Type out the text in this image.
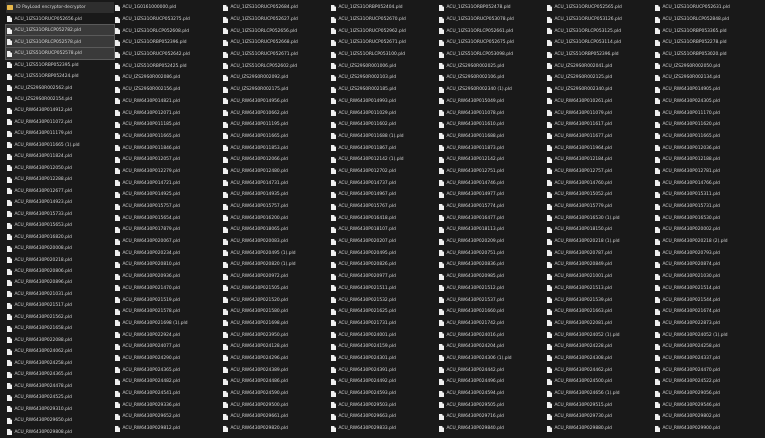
ID PayLoad encryptor-decryptor
ACU_1IZS31ORUCP052656.pld
ACU_1IZS31ORLCP052782.pld
ACU_1IZS31ORLCP052578.pld
ACU_1IZS51ORUCP052578.pld
ACU_1IZS51ORBP052395.pld
ACU_1IZS51ORBP052424.pld
ACU_IZS29S0R002562.pld
ACU_IZS29S0R002154.pld
ACU_RW6430P014912.pld
ACU_RW6430P011072.pld
ACU_RW6430P011179.pld
ACU_RW6430P011665 (1).pld
ACU_RW6430P011824.pld
ACU_RW6430P012050.pld
ACU_RW6430P012288.pld
ACU_RW6430P012677.pld
ACU_RW6430P014923.pld
ACU_RW6430P015733.pld
ACU_RW6430P015653.pld
ACU_RW6430P016820.pld
ACU_RW6430P020008.pld
ACU_RW6430P020218.pld
ACU_RW6430P020806.pld
ACU_RW6430P020896.pld
ACU_RW6430P021031.pld
ACU_RW6430P021517.pld
ACU_RW6430P021562.pld
ACU_RW6430P021658.pld
ACU_RW6430P022088.pld
ACU_RW6430P024062.pld
ACU_RW6430P024258.pld
ACU_RW6430P024365.pld
ACU_RW6430P024478.pld
ACU_RW6430P024525.pld
ACU_RW6430P029310.pld
ACU_RW6430P029650.pld
ACU_RW6430P029808.pld
ACU_1G0161000000.pld
ACU_1IZS31ORUCP053275.pld
ACU_1IZS31ORLCP052608.pld
ACU_1IZS31ORBP052396.pld
ACU_1IZS31ORUCP052642.pld
ACU_1IZS51ORBP052425.pld
ACU_IZS29S0R002086.pld
ACU_IZS29S0R002156.pld
ACU_RW6430P014821.pld
ACU_RW6430P012071.pld
ACU_RW6430P011185.pld
ACU_RW6430P011665.pld
ACU_RW6430P011846.pld
ACU_RW6430P012057.pld
ACU_RW6430P012279.pld
ACU_RW6430P014721.pld
ACU_RW6430P014925.pld
ACU_RW6430P015757.pld
ACU_RW6430P015654.pld
ACU_RW6430P017879.pld
ACU_RW6430P020067.pld
ACU_RW6430P020234.pld
ACU_RW6430P020810.pld
ACU_RW6430P020936.pld
ACU_RW6430P021470.pld
ACU_RW6430P021519.pld
ACU_RW6430P021578.pld
ACU_RW6430P021698 (1).pld
ACU_RW6430P022924.pld
ACU_RW6430P024077.pld
ACU_RW6430P024290.pld
ACU_RW6430P024365.pld
ACU_RW6430P024482.pld
ACU_RW6430P024541.pld
ACU_RW6430P029336.pld
ACU_RW6430P029652.pld
ACU_RW6430P029812.pld
ACU_1IZS31ORUCP052684.pld
ACU_1IZS31ORUCP052627.pld
ACU_1IZS31ORLCP052656.pld
ACU_1IZS31ORUCP052668.pld
ACU_1IZS51ORUCP052671.pld
ACU_1IZS51ORLCP052602.pld
ACU_IZS29S0R002092.pld
ACU_IZS29S0R002175.pld
ACU_RW6430P014956.pld
ACU_RW6430P010662.pld
ACU_RW6430P011195.pld
ACU_RW6430P011665.pld
ACU_RW6430P011853.pld
ACU_RW6430P012066.pld
ACU_RW6430P012480.pld
ACU_RW6430P014731.pld
ACU_RW6430P014935.pld
ACU_RW6430P015757.pld
ACU_RW6430P016200.pld
ACU_RW6430P018065.pld
ACU_RW6430P020083.pld
ACU_RW6430P020495 (1).pld
ACU_RW6430P020820 (1).pld
ACU_RW6430P020972.pld
ACU_RW6430P021505.pld
ACU_RW6430P021520.pld
ACU_RW6430P021580.pld
ACU_RW6430P021698.pld
ACU_RW6430P023950.pld
ACU_RW6430P024128.pld
ACU_RW6430P024296.pld
ACU_RW6430P024389.pld
ACU_RW6430P024486.pld
ACU_RW6430P024590.pld
ACU_RW6430P029500.pld
ACU_RW6430P029661.pld
ACU_RW6430P029820.pld
ACU_1IZS31ORBP052404.pld
ACU_1IZS31ORUCP052670.pld
ACU_1IZS31ORUCP052962.pld
ACU_1IZS31ORUCP052671.pld
ACU_1IZS51ORLCP053100.pld
ACU_IZS29S0R001006.pld
ACU_IZS29S0R002103.pld
ACU_IZS29S0R002185.pld
ACU_RW6430P014993.pld
ACU_RW6430P011029.pld
ACU_RW6430P011602.pld
ACU_RW6430P011688 (1).pld
ACU_RW6430P011867.pld
ACU_RW6430P012142 (1).pld
ACU_RW6430P012702.pld
ACU_RW6430P014737.pld
ACU_RW6430P014967.pld
ACU_RW6430P015767.pld
ACU_RW6430P016418.pld
ACU_RW6430P018107.pld
ACU_RW6430P020207.pld
ACU_RW6430P020495.pld
ACU_RW6430P020826.pld
ACU_RW6430P020977.pld
ACU_RW6430P021511.pld
ACU_RW6430P021532.pld
ACU_RW6430P021625.pld
ACU_RW6430P021731.pld
ACU_RW6430P024001.pld
ACU_RW6430P024159.pld
ACU_RW6430P024301.pld
ACU_RW6430P024391.pld
ACU_RW6430P024492.pld
ACU_RW6430P024593.pld
ACU_RW6430P029503.pld
ACU_RW6430P029663.pld
ACU_RW6430P029833.pld
ACU_1IZS31ORBP052478.pld
ACU_1IZS31ORUCP053078.pld
ACU_1IZS31ORLCP052661.pld
ACU_1IZS31ORUCP052675.pld
ACU_1IZS51ORLCP053098.pld
ACU_IZS29S0R002025.pld
ACU_IZS29S0R002106.pld
ACU_IZS29S0R002340 (1).pld
ACU_RW6430P015049.pld
ACU_RW6430P011078.pld
ACU_RW6430P011610.pld
ACU_RW6430P011688.pld
ACU_RW6430P011873.pld
ACU_RW6430P012142.pld
ACU_RW6430P012751.pld
ACU_RW6430P014746.pld
ACU_RW6430P014977.pld
ACU_RW6430P015774.pld
ACU_RW6430P016477.pld
ACU_RW6430P018113.pld
ACU_RW6430P020209.pld
ACU_RW6430P020751.pld
ACU_RW6430P020836.pld
ACU_RW6430P020985.pld
ACU_RW6430P021512.pld
ACU_RW6430P021537.pld
ACU_RW6430P021660.pld
ACU_RW6430P021742.pld
ACU_RW6430P024016.pld
ACU_RW6430P024204.pld
ACU_RW6430P024306 (1).pld
ACU_RW6430P024442.pld
ACU_RW6430P024496.pld
ACU_RW6430P024594.pld
ACU_RW6430P029505.pld
ACU_RW6430P029716.pld
ACU_RW6430P029840.pld
ACU_1IZS31ORUCP052565.pld
ACU_1IZS31ORUCP053126.pld
ACU_1IZS31ORLCP053125.pld
ACU_1IZS31ORLCP053114.pld
ACU_1IZS51ORBP052396.pld
ACU_IZS29S0R002041.pld
ACU_IZS29S0R002125.pld
ACU_IZS29S0R002340.pld
ACU_RW6430P010261.pld
ACU_RW6430P011079.pld
ACU_RW6430P011617.pld
ACU_RW6430P011677.pld
ACU_RW6430P011964.pld
ACU_RW6430P012184.pld
ACU_RW6430P012757.pld
ACU_RW6430P014760.pld
ACU_RW6430P015052.pld
ACU_RW6430P015779.pld
ACU_RW6430P016530 (1).pld
ACU_RW6430P018150.pld
ACU_RW6430P020218 (1).pld
ACU_RW6430P020787.pld
ACU_RW6430P020849.pld
ACU_RW6430P021001.pld
ACU_RW6430P021513.pld
ACU_RW6430P021539.pld
ACU_RW6430P021663.pld
ACU_RW6430P022081.pld
ACU_RW6430P024052 (1).pld
ACU_RW6430P024228.pld
ACU_RW6430P024308.pld
ACU_RW6430P024462.pld
ACU_RW6430P024500.pld
ACU_RW6430P024656 (1).pld
ACU_RW6430P029515.pld
ACU_RW6430P029730.pld
ACU_RW6430P029880.pld
ACU_1IZS31ORUCP052631.pld
ACU_1IZS31ORLCP052848.pld
ACU_1IZS31ORBP053365.pld
ACU_1IZS31ORBP052278.pld
ACU_1IZS51ORBP053020.pld
ACU_IZS29S0R002050.pld
ACU_IZS29S0R002134.pld
ACU_RW6430P014905.pld
ACU_RW6430P024305.pld
ACU_RW6430P011170.pld
ACU_RW6430P011620.pld
ACU_RW6430P011665.pld
ACU_RW6430P012036.pld
ACU_RW6430P012188.pld
ACU_RW6430P012781.pld
ACU_RW6430P014766.pld
ACU_RW6430P015311.pld
ACU_RW6430P015731.pld
ACU_RW6430P016530.pld
ACU_RW6430P020002.pld
ACU_RW6430P020218 (2).pld
ACU_RW6430P020793.pld
ACU_RW6430P020874.pld
ACU_RW6430P021030.pld
ACU_RW6430P021514.pld
ACU_RW6430P021544.pld
ACU_RW6430P021674.pld
ACU_RW6430P022873.pld
ACU_RW6430P024052 (1).pld
ACU_RW6430P024258.pld
ACU_RW6430P024337.pld
ACU_RW6430P024470.pld
ACU_RW6430P024522.pld
ACU_RW6430P029056.pld
ACU_RW6430P029546.pld
ACU_RW6430P029802.pld
ACU_RW6430P029900.pld
